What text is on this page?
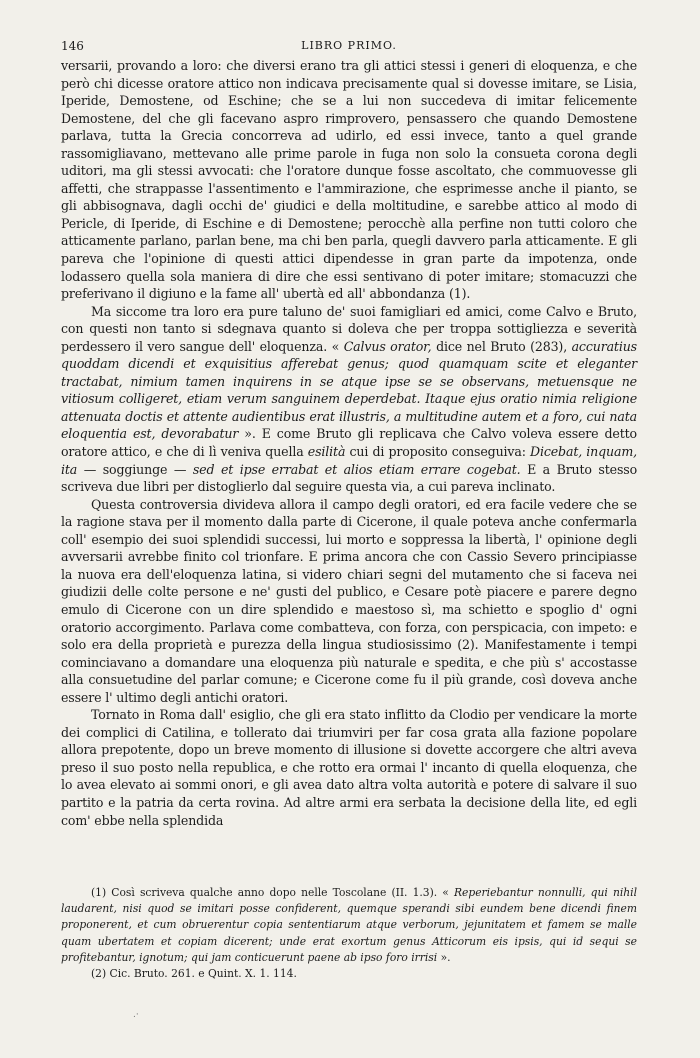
146	LIBRO PRIMO.

versarii, provando a loro: che diversi erano tra gli attici stessi i generi di eloquenza, e che però chi dicesse oratore attico non indicava precisamente qual si dovesse imitare, se Lisia, Iperide, Demostene, od Eschine; che se a lui non succedeva di imitar felicemente Demostene, del che gli facevano aspro rimprovero, pensassero che quando Demostene parlava, tutta la Grecia concorreva ad udirlo, ed essi invece, tanto a quel grande rassomigliavano, mettevano alle prime parole in fuga non solo la consueta corona degli uditori, ma gli stessi avvocati: che l'oratore dunque fosse ascoltato, che commuovesse gli affetti, che strappasse l'assentimento e l'ammirazione, che esprimesse anche il pianto, se gli abbisognava, dagli occhi de' giudici e della moltitudine, e sarebbe attico al modo di Pericle, di Iperide, di Eschine e di Demostene; perocchè alla perfine non tutti coloro che atticamente parlano, parlan bene, ma chi ben parla, quegli davvero parla atticamente. E gli pareva che l'opinione di questi attici dipendesse in gran parte da impotenza, onde lodassero quella sola maniera di dire che essi sentivano di poter imitare; stomacuzzi che preferivano il digiuno e la fame all' ubertà ed all' abbondanza (1).

Ma siccome tra loro era pure taluno de' suoi famigliari ed amici, come Calvo e Bruto, con questi non tanto si sdegnava quanto si doleva che per troppa sottigliezza e severità perdessero il vero sangue dell' eloquenza. « Calvus orator, dice nel Bruto (283), accuratius quoddam dicendi et exquisitius afferebat genus; quod quamquam scite et eleganter tractabat, nimium tamen inquirens in se atque ipse se se observans, metuensque ne vitiosum colligeret, etiam verum sanguinem deperdebat. Itaque ejus oratio nimia religione attenuata doctis et attente audientibus erat illustris, a multitudine autem et a foro, cui nata eloquentia est, devorabatur ». E come Bruto gli replicava che Calvo voleva essere detto oratore attico, e che di lì veniva quella esilità cui di proposito conseguiva: Dicebat, inquam, ita — soggiunge — sed et ipse errabat et alios etiam errare cogebat. E a Bruto stesso scriveva due libri per distoglierlo dal seguire questa via, a cui pareva inclinato.

Questa controversia divideva allora il campo degli oratori, ed era facile vedere che se la ragione stava per il momento dalla parte di Cicerone, il quale poteva anche confermarla coll' esempio dei suoi splendidi successi, lui morto e soppressa la libertà, l' opinione degli avversarii avrebbe finito col trionfare. E prima ancora che con Cassio Severo principiasse la nuova era dell'eloquenza latina, si videro chiari segni del mutamento che si faceva nei giudizii delle colte persone e ne' gusti del publico, e Cesare potè piacere e parere degno emulo di Cicerone con un dire splendido e maestoso sì, ma schietto e spoglio d' ogni oratorio accorgimento. Parlava come combatteva, con forza, con perspicacia, con impeto: e solo era della proprietà e purezza della lingua studiosissimo (2). Manifestamente i tempi cominciavano a domandare una eloquenza più naturale e spedita, e che più s' accostasse alla consuetudine del parlar comune; e Cicerone come fu il più grande, così doveva anche essere l' ultimo degli antichi oratori.

Tornato in Roma dall' esiglio, che gli era stato inflitto da Clodio per vendicare la morte dei complici di Catilina, e tollerato dai triumviri per far cosa grata alla fazione popolare allora prepotente, dopo un breve momento di illusione si dovette accorgere che altri aveva preso il suo posto nella republica, e che rotto era ormai l' incanto di quella eloquenza, che lo avea elevato ai sommi onori, e gli avea dato altra volta autorità e potere di salvare il suo partito e la patria da certa rovina. Ad altre armi era serbata la decisione della lite, ed egli com' ebbe nella splendida

(1) Così scriveva qualche anno dopo nelle Toscolane (II. 1.3). « Reperiebantur nonnulli, qui nihil laudarent, nisi quod se imitari posse confiderent, quemque sperandi sibi eundem bene dicendi finem proponerent, et cum obruerentur copia sententiarum atque verborum, jejunitatem et famem se malle quam ubertatem et copiam dicerent; unde erat exortum genus Atticorum eis ipsis, qui id sequi se profitebantur, ignotum; qui jam conticuerunt paene ab ipso foro irrisi ».

(2) Cic. Bruto. 261. e Quint. X. 1. 114.

.·
